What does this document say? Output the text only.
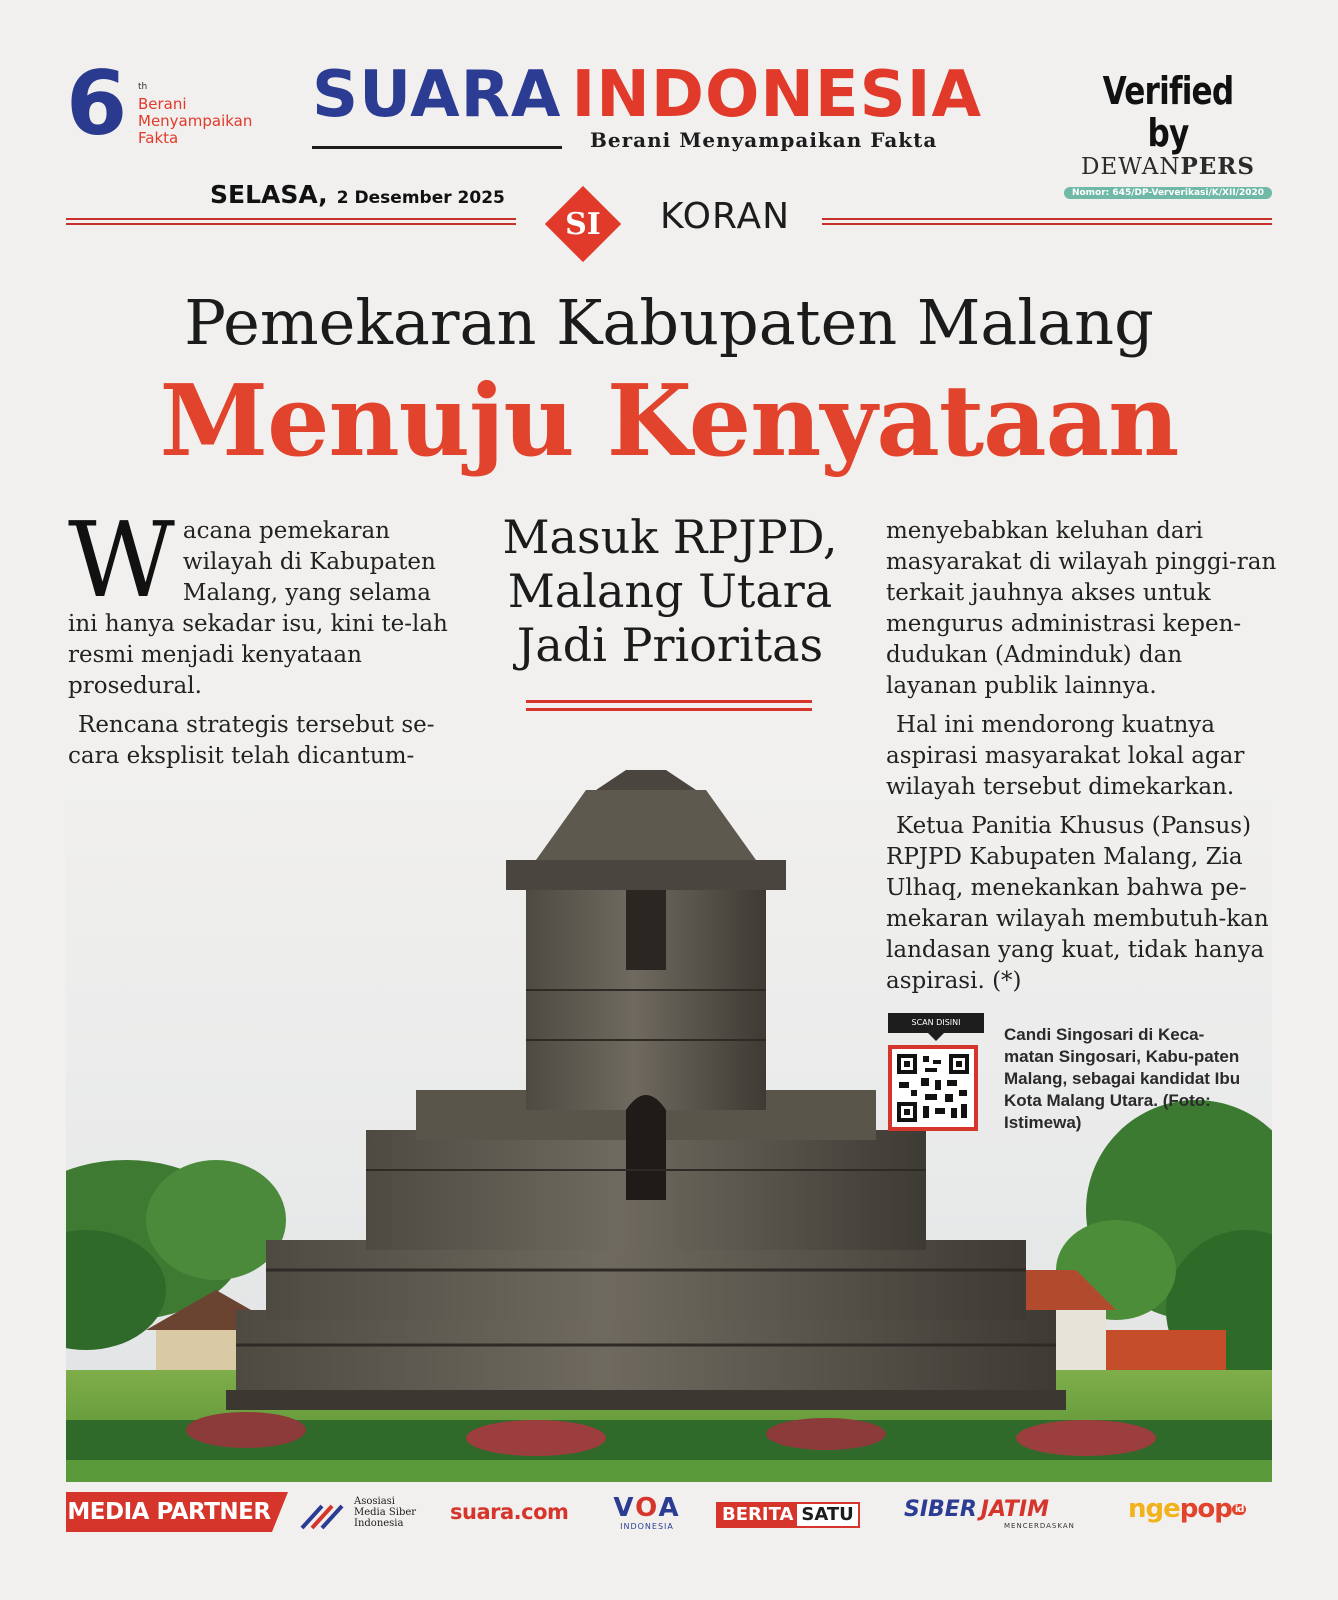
6 th
Berani
Menyampaikan
Fakta
SUARA INDONESIA
Berani Menyampaikan Fakta
Verified by
DEWANPERS
Nomor: 645/DP-Ververikasi/K/XII/2020
SELASA, 2 Desember 2025
SI	KORAN
Pemekaran Kabupaten Malang
Menuju Kenyataan

Wacana pemekaran wilayah di Kabupaten Malang, yang selama ini hanya sekadar isu, kini te-lah resmi menjadi kenyataan prosedural.

Rencana strategis tersebut se-cara eksplisit telah dicantum-

Masuk RPJPD,
Malang Utara
Jadi Prioritas

menyebabkan keluhan dari masyarakat di wilayah pinggi-ran terkait jauhnya akses untuk mengurus administrasi kepen-dudukan (Adminduk) dan layanan publik lainnya.

Hal ini mendorong kuatnya aspirasi masyarakat lokal agar wilayah tersebut dimekarkan.

Ketua Panitia Khusus (Pansus) RPJPD Kabupaten Malang, Zia Ulhaq, menekankan bahwa pe-mekaran wilayah membutuh-kan landasan yang kuat, tidak hanya aspirasi. (*)

SCAN DISINI
Candi Singosari di Keca-matan Singosari, Kabu-paten Malang, sebagai kandidat Ibu Kota Malang Utara. (Foto: Istimewa)
MEDIA PARTNER	Asosiasi
Media Siber
Indonesia	suara.com VOA
INDONESIA
BERITA SATU SIBER JATIM
MENCERDASKAN
ngepop id
